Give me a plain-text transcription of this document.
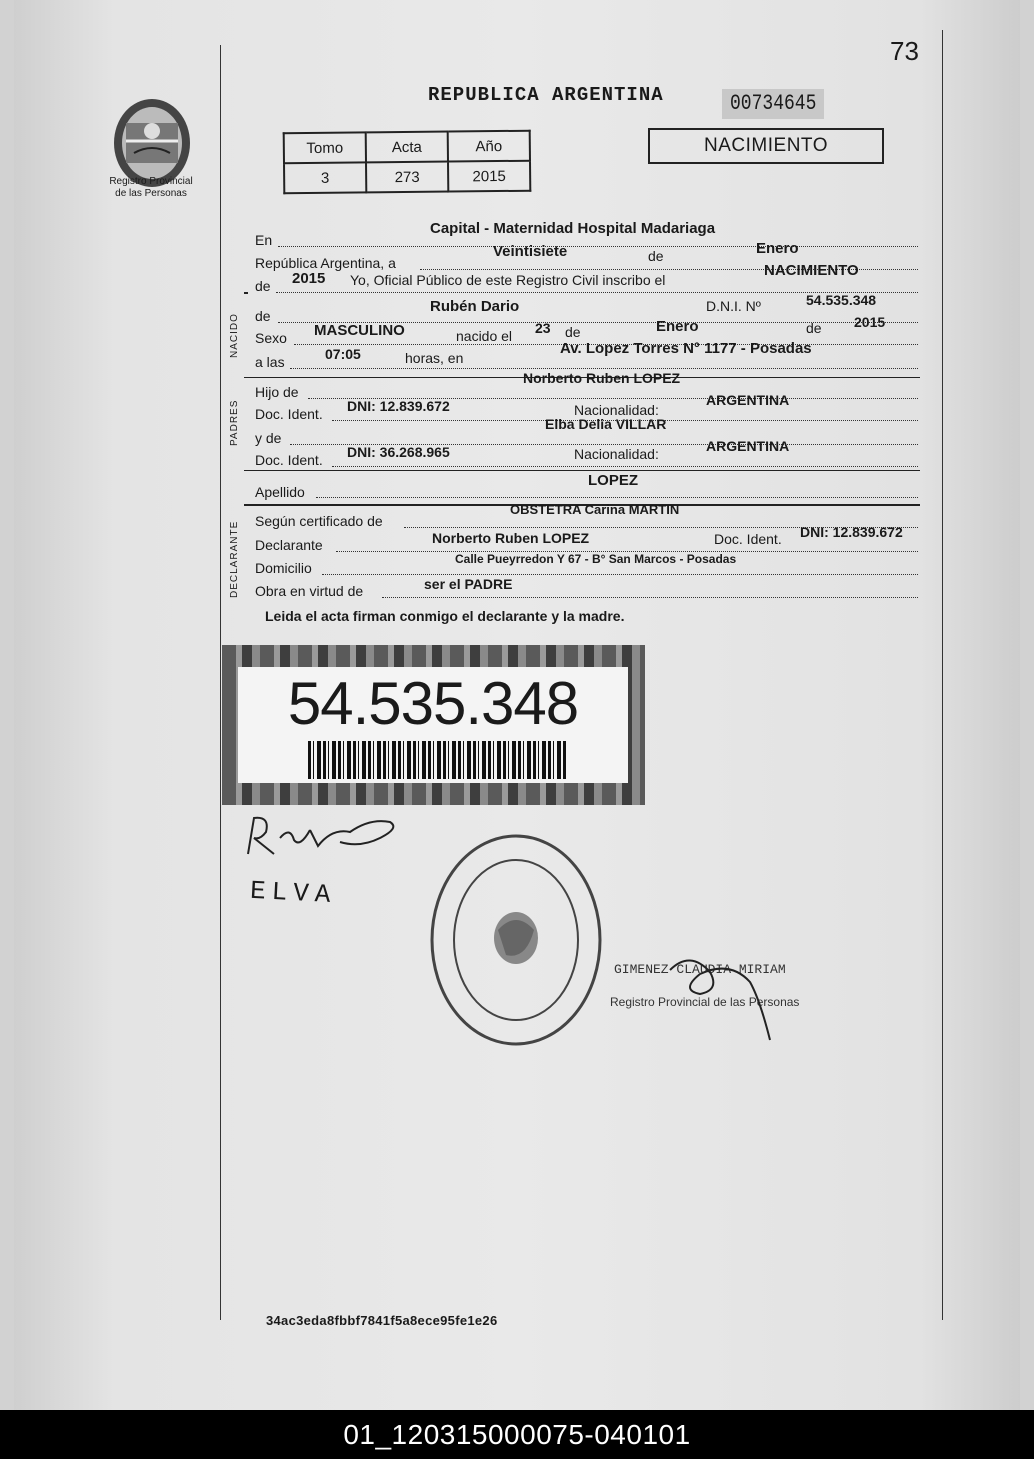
73
Registro Provincial
de las Personas
REPUBLICA ARGENTINA	00734645
NACIMIENTO
Tomo	Acta	Año
3	273	2015
En
Capital - Maternidad Hospital Madariaga
República Argentina, a
Veintisiete	de	Enero
de 2015 Yo, Oficial Público de este Registro Civil inscribo el
NACIMIENTO
NACIDO de
Rubén Dario	D.N.I. Nº	54.535.348
Sexo MASCULINO	nacido el 23 de	Enero	de 2015
a las	07:05	horas, en
Av. Lopez Torres N° 1177 - Posadas
PADRES
Hijo de
Norberto Ruben LOPEZ
Doc. Ident. DNI: 12.839.672	Nacionalidad:
ARGENTINA
y de
Elba Delia VILLAR
Doc. Ident. DNI: 36.268.965	Nacionalidad:	ARGENTINA
Apellido
LOPEZ
DECLARANTE Según certificado de
OBSTETRA Carina MARTIN
Declarante	Norberto Ruben LOPEZ	Doc. Ident. DNI: 12.839.672
Domicilio
Calle Pueyrredon Y 67 - B° San Marcos - Posadas
Obra en virtud de	ser el PADRE
Leida el acta firman conmigo el declarante y la madre.
54.535.348
ELVA
GIMENEZ CLAUDIA MIRIAM
Registro Provincial de las Personas
34ac3eda8fbbf7841f5a8ece95fe1e26
01_120315000075-040101
